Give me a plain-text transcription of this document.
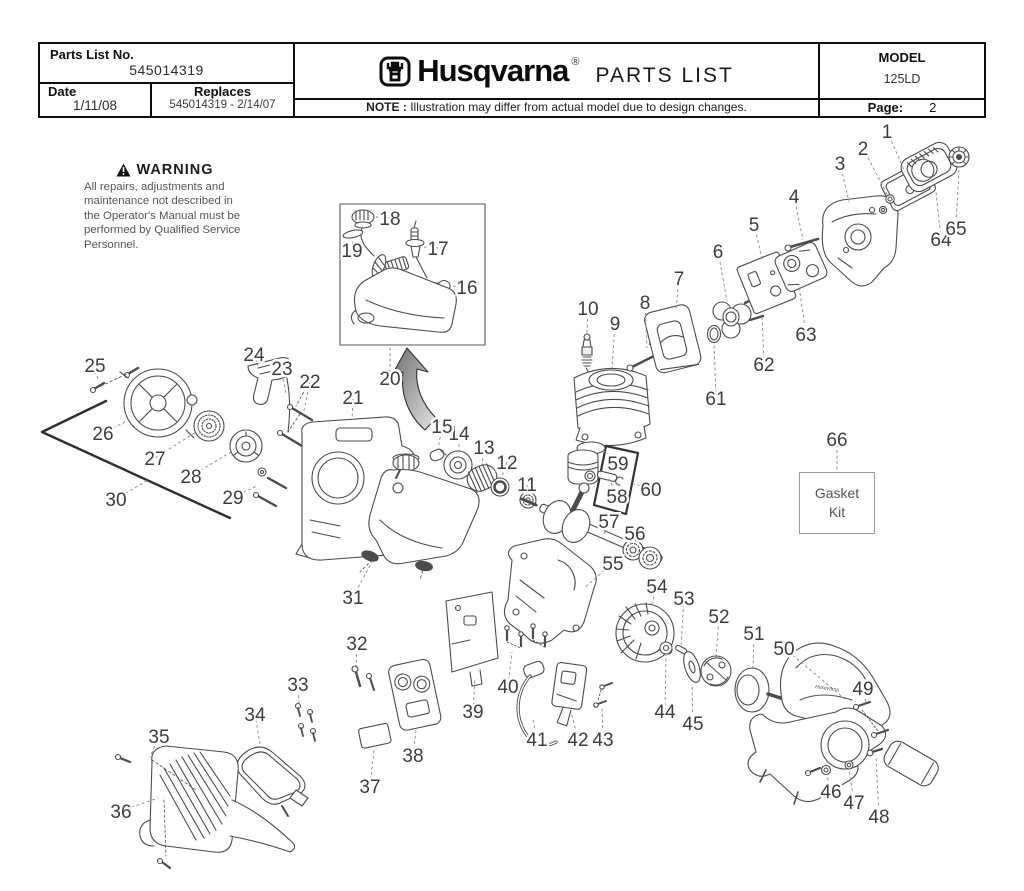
Husqvarna
1
2
3
4
5
6
7
8
9
10
11
12
13
14
15
16
17
18
19
20
21
22
23
24
25
26
27
28
29
30
31
32
33
34
35
36
37
38
39
40
41 42 43
44
45
46
47
48
49
50
51
52
53
54
55
56
57
58
59
60
61
62
63
64
65
66
Parts List No.
545014319
Date
1/11/08
Replaces
545014319 - 2/14/07
Husqvarna ®
PARTS LIST
NOTE : Illustration may differ from actual model due to design changes.
MODEL
125LD
Page: 2
WARNING
All repairs, adjustments and maintenance not described in the Operator's Manual must be performed by Qualified Service Personnel.
Gasket
Kit
